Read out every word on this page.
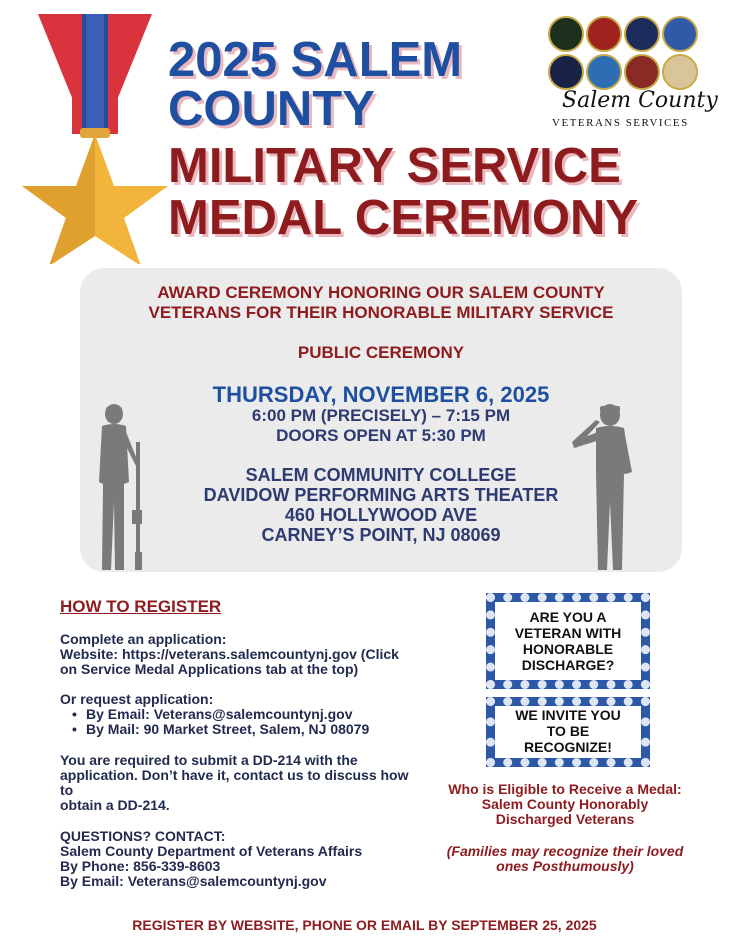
2025 SALEM
COUNTY
MILITARY SERVICE
MEDAL CEREMONY
Salem County
VETERANS SERVICES
AWARD CEREMONY HONORING OUR SALEM COUNTY
VETERANS FOR THEIR HONORABLE MILITARY SERVICE
PUBLIC CEREMONY
THURSDAY, NOVEMBER 6, 2025
6:00 PM (PRECISELY) – 7:15 PM
DOORS OPEN AT 5:30 PM
SALEM COMMUNITY COLLEGE
DAVIDOW PERFORMING ARTS THEATER
460 HOLLYWOOD AVE
CARNEY’S POINT, NJ 08069
HOW TO REGISTER
Complete an application:
Website: https://veterans.salemcountynj.gov (Click
on Service Medal Applications tab at the top)
Or request application:
• By Email: Veterans@salemcountynj.gov
• By Mail: 90 Market Street, Salem, NJ 08079
You are required to submit a DD-214 with the
application. Don’t have it, contact us to discuss how
to
obtain a DD-214.
QUESTIONS? CONTACT:
Salem County Department of Veterans Affairs
By Phone: 856-339-8603
By Email: Veterans@salemcountynj.gov
ARE YOU A
VETERAN WITH
HONORABLE
DISCHARGE?
WE INVITE YOU
TO BE
RECOGNIZE!
Who is Eligible to Receive a Medal:
Salem County Honorably
Discharged Veterans
(Families may recognize their loved
ones Posthumously)
REGISTER BY WEBSITE, PHONE OR EMAIL BY SEPTEMBER 25, 2025
